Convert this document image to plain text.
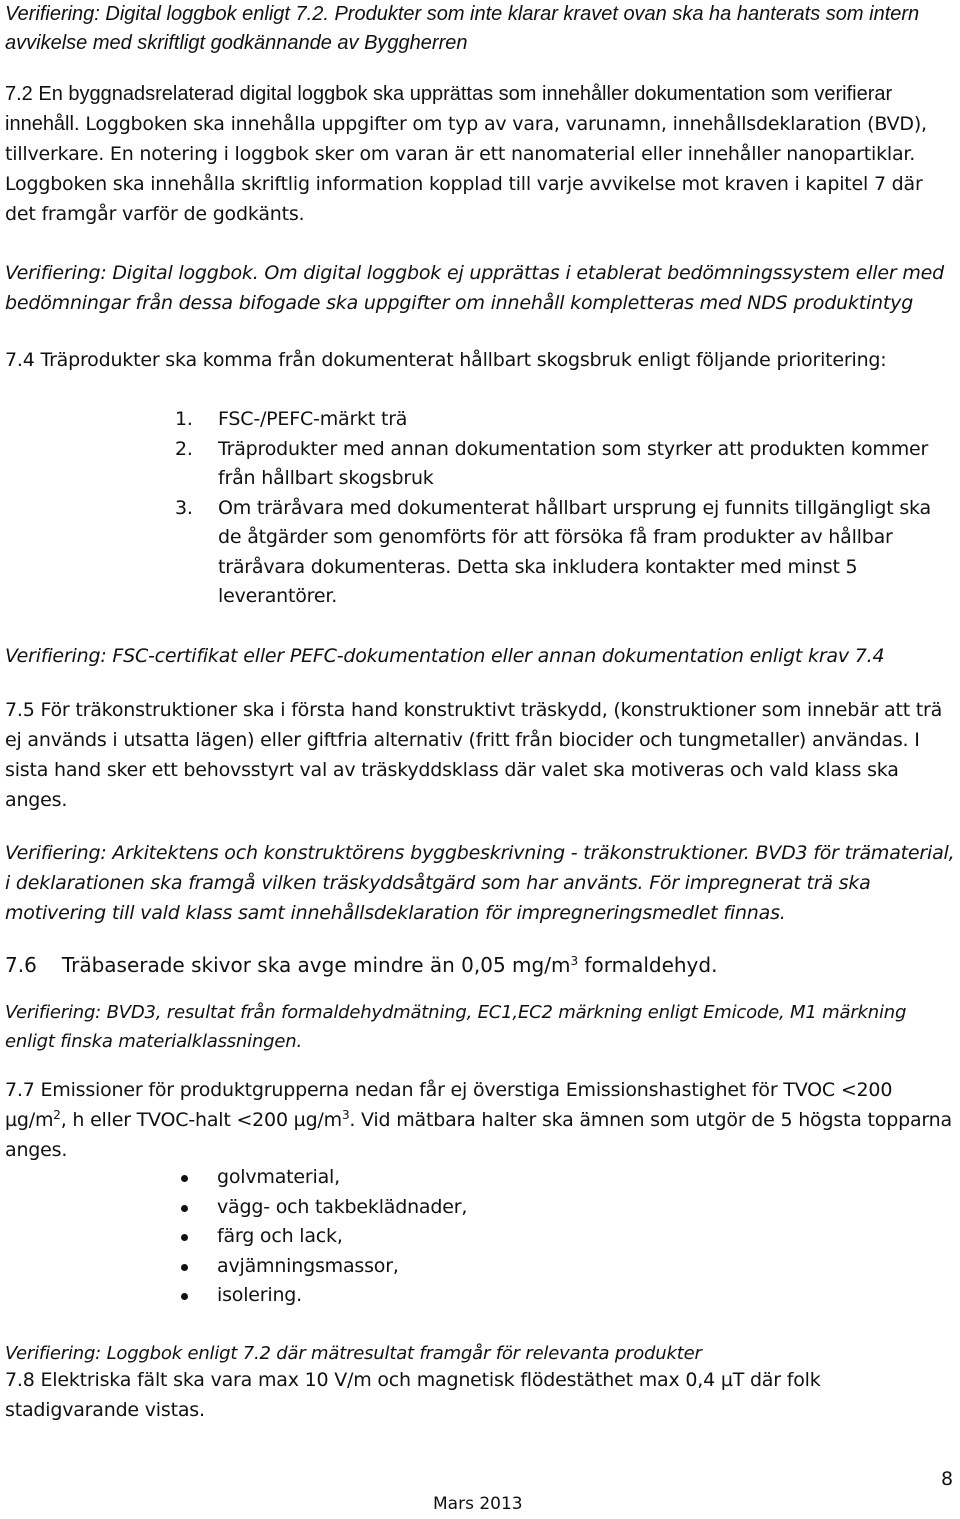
Verifiering: Digital loggbok enligt 7.2. Produkter som inte klarar kravet ovan ska ha hanterats som intern avvikelse med skriftligt godkännande av Byggherren

7.2 En byggnadsrelaterad digital loggbok ska upprättas som innehåller dokumentation som verifierar innehåll. Loggboken ska innehålla uppgifter om typ av vara, varunamn, innehållsdeklaration (BVD), tillverkare. En notering i loggbok sker om varan är ett nanomaterial eller innehåller nanopartiklar. Loggboken ska innehålla skriftlig information kopplad till varje avvikelse mot kraven i kapitel 7 där det framgår varför de godkänts.

Verifiering: Digital loggbok. Om digital loggbok ej upprättas i etablerat bedömningssystem eller med bedömningar från dessa bifogade ska uppgifter om innehåll kompletteras med NDS produktintyg

7.4 Träprodukter ska komma från dokumenterat hållbart skogsbruk enligt följande prioritering:

1. FSC-/PEFC-märkt trä
2. Träprodukter med annan dokumentation som styrker att produkten kommer från hållbart skogsbruk
3. Om träråvara med dokumenterat hållbart ursprung ej funnits tillgängligt ska de åtgärder som genomförts för att försöka få fram produkter av hållbar träråvara dokumenteras. Detta ska inkludera kontakter med minst 5 leverantörer.

Verifiering: FSC-certifikat eller PEFC-dokumentation eller annan dokumentation enligt krav 7.4

7.5 För träkonstruktioner ska i första hand konstruktivt träskydd, (konstruktioner som innebär att trä ej används i utsatta lägen) eller giftfria alternativ (fritt från biocider och tungmetaller) användas. I sista hand sker ett behovsstyrt val av träskyddsklass där valet ska motiveras och vald klass ska anges.

Verifiering: Arkitektens och konstruktörens byggbeskrivning - träkonstruktioner. BVD3 för trämaterial, i deklarationen ska framgå vilken träskyddsåtgärd som har använts. För impregnerat trä ska motivering till vald klass samt innehållsdeklaration för impregneringsmedlet finnas.

7.6 Träbaserade skivor ska avge mindre än 0,05 $mg/m^3$ formaldehyd.

Verifiering: BVD3, resultat från formaldehydmätning, EC1,EC2 märkning enligt Emicode, M1 märkning enligt finska materialklassningen.

7.7 Emissioner för produktgrupperna nedan får ej överstiga Emissionshastighet för TVOC <200 $\mu g/m^2$, h eller TVOC-halt <200 $\mu g/m^3$. Vid mätbara halter ska ämnen som utgör de 5 högsta topparna anges.

golvmaterial,
vägg- och takbeklädnader,
färg och lack,
avjämningsmassor,
isolering.

Verifiering: Loggbok enligt 7.2 där mätresultat framgår för relevanta produkter

7.8 Elektriska fält ska vara max 10 V/m och magnetisk flödestäthet max 0,4 µT där folk stadigvarande vistas.

8
Mars 2013
